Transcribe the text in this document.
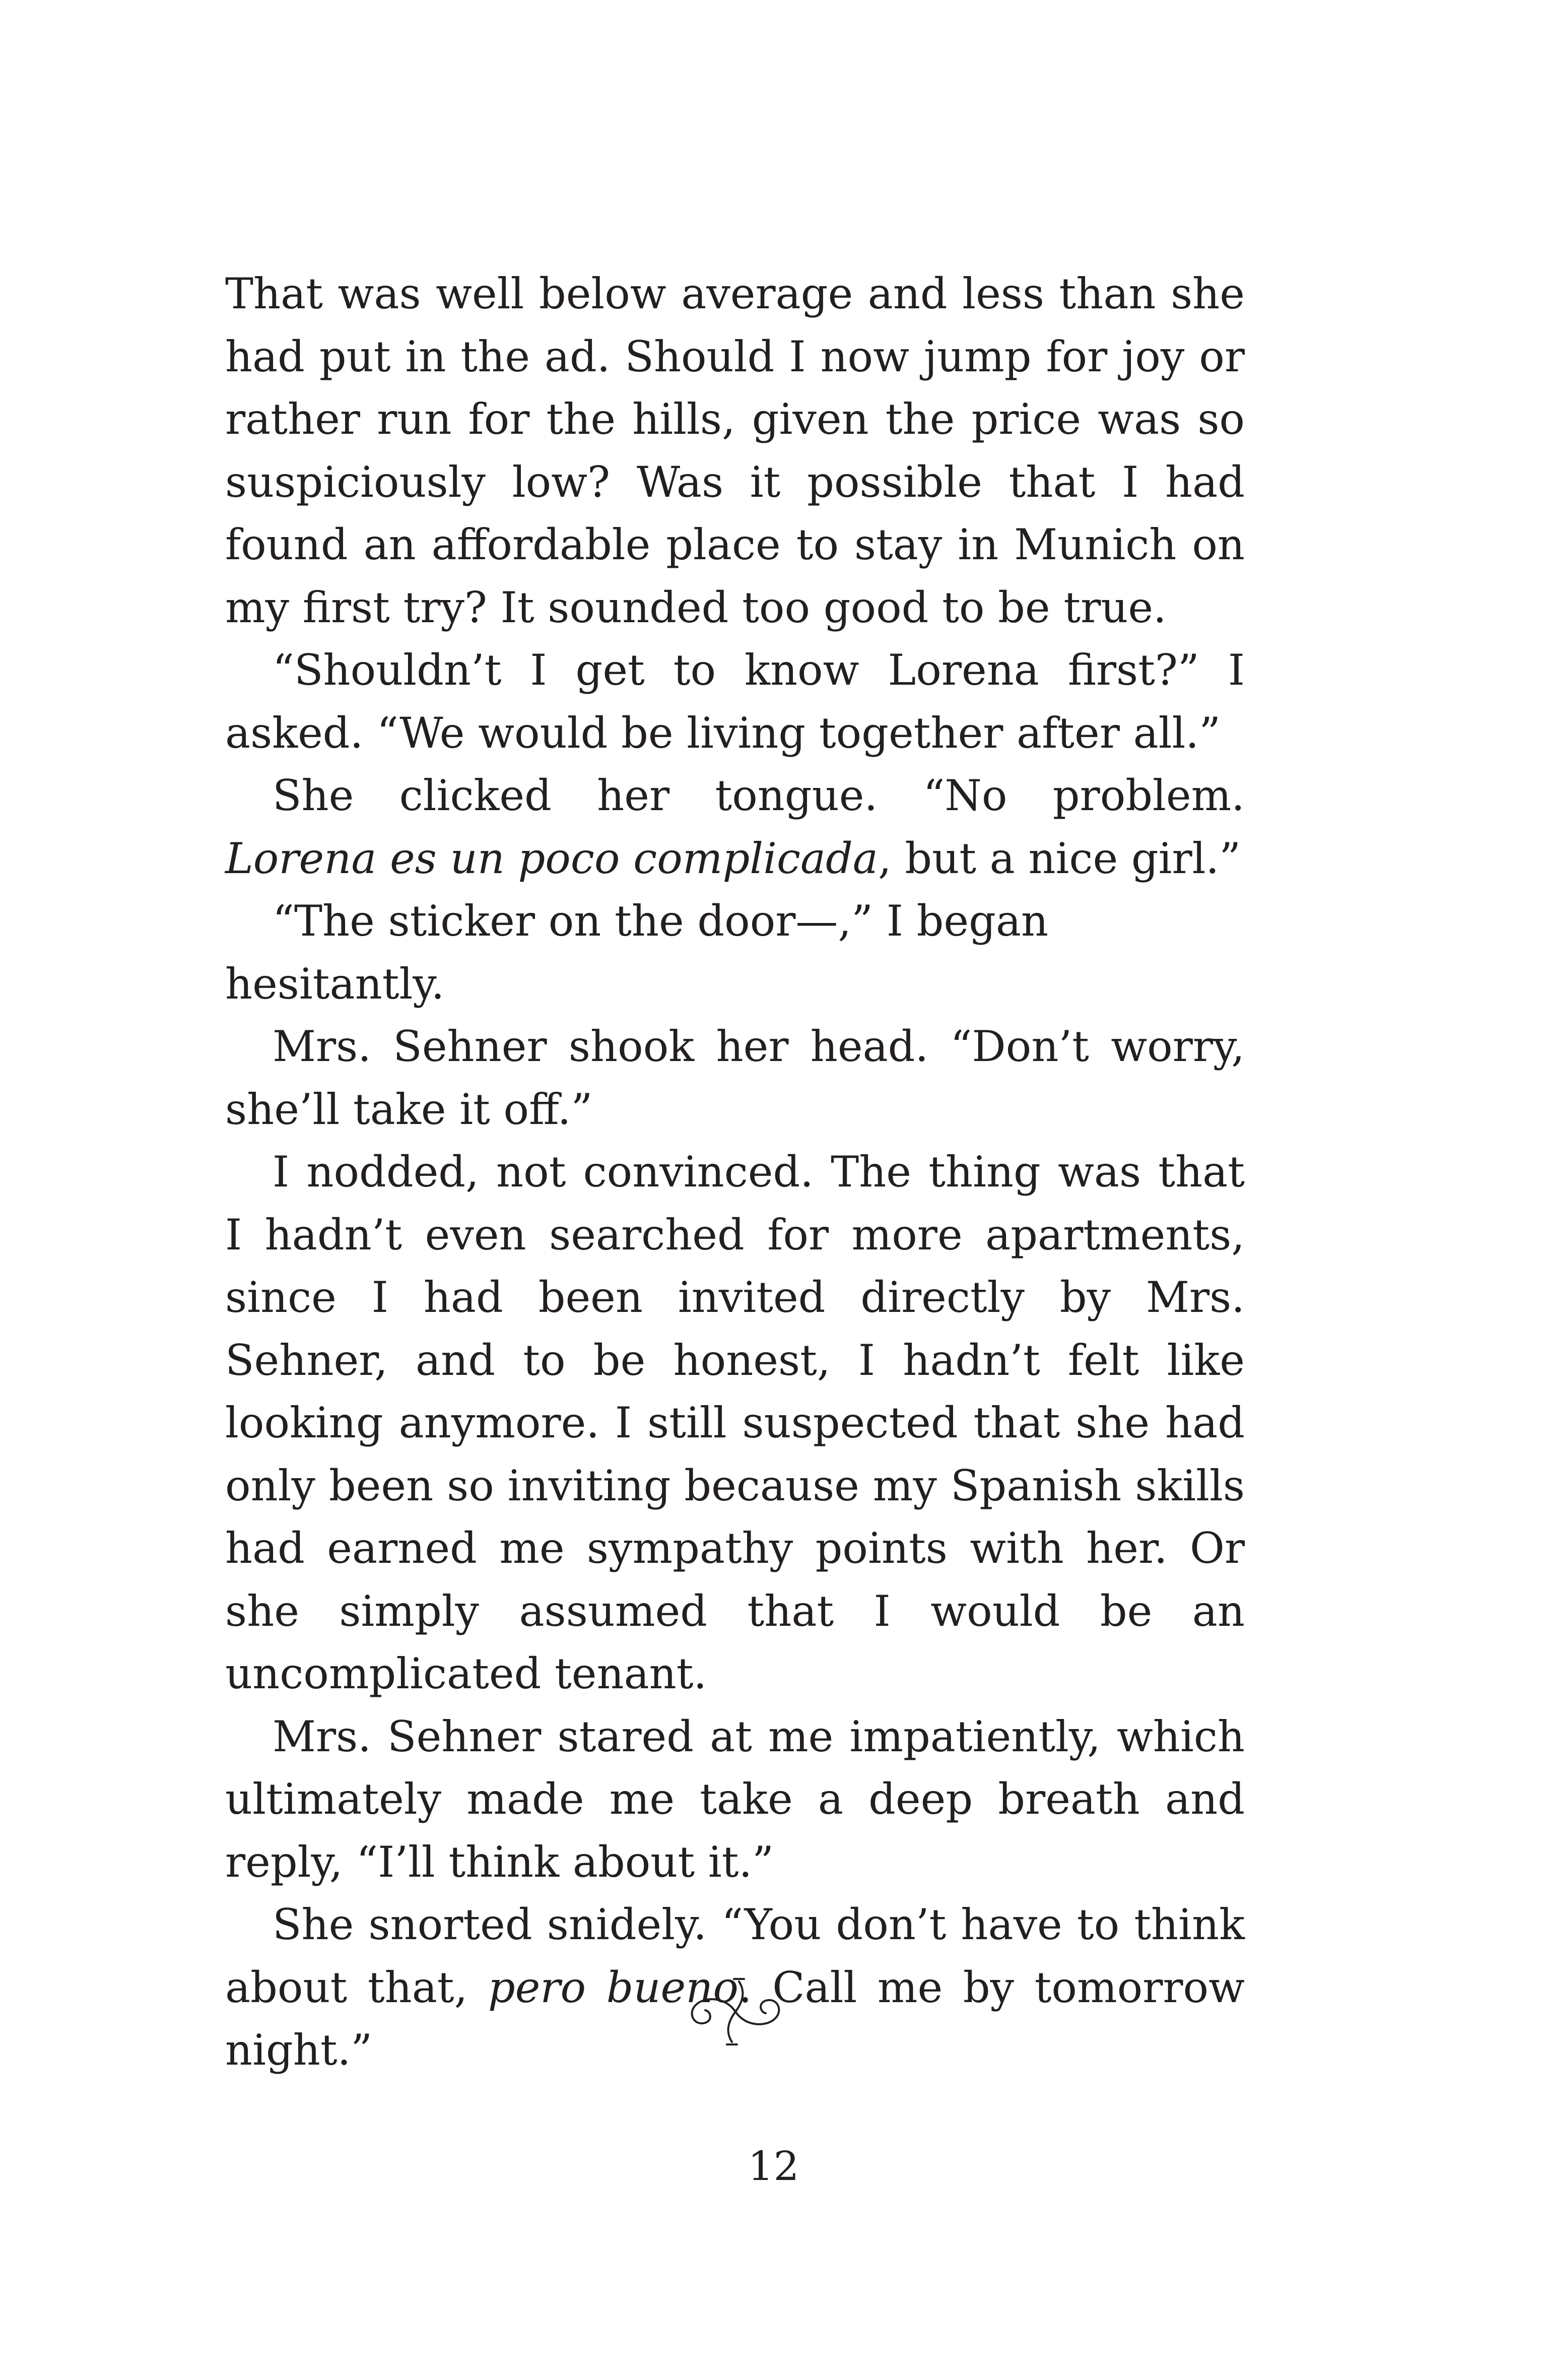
That was well below average and less than she had put in the ad. Should I now jump for joy or rather run for the hills, given the price was so suspiciously low? Was it possible that I had found an affordable place to stay in Munich on my first try? It sounded too good to be true.

“Shouldn’t I get to know Lorena first?” I asked. “We would be living together after all.”

She clicked her tongue. “No problem. Lorena es un poco complicada, but a nice girl.”

“The sticker on the door—,” I began hesitantly.

Mrs. Sehner shook her head. “Don’t worry, she’ll take it off.”

I nodded, not convinced. The thing was that I hadn’t even searched for more apartments, since I had been invited directly by Mrs. Sehner, and to be honest, I hadn’t felt like looking anymore. I still suspected that she had only been so inviting because my Spanish skills had earned me sympathy points with her. Or she simply assumed that I would be an uncomplicated tenant.

Mrs. Sehner stared at me impatiently, which ultimately made me take a deep breath and reply, “I’ll think about it.”

She snorted snidely. “You don’t have to think about that, pero bueno. Call me by tomorrow night.”

12
